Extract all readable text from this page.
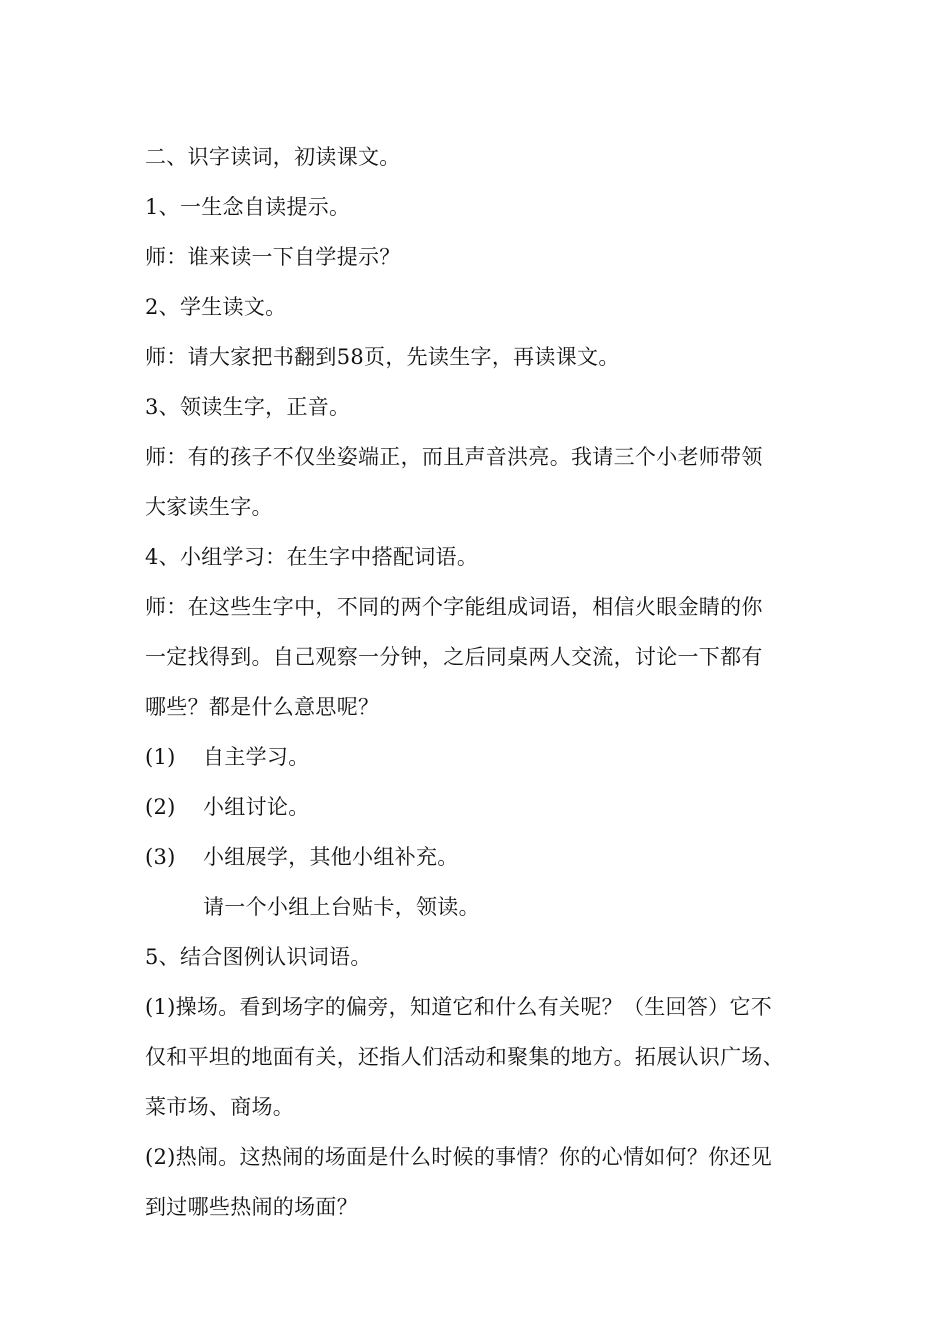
二、识字读词，初读课文。
1、一生念自读提示。
师：谁来读一下自学提示？
2、学生读文。
师：请大家把书翻到58页，先读生字，再读课文。
3、领读生字，正音。
师：有的孩子不仅坐姿端正，而且声音洪亮。我请三个小老师带领
大家读生字。
4、小组学习：在生字中搭配词语。
师：在这些生字中，不同的两个字能组成词语，相信火眼金睛的你
一定找得到。自己观察一分钟，之后同桌两人交流，讨论一下都有
哪些？都是什么意思呢？
(1) 自主学习。
(2) 小组讨论。
(3) 小组展学，其他小组补充。
请一个小组上台贴卡，领读。
5、结合图例认识词语。
(1)操场。看到场字的偏旁，知道它和什么有关呢？（生回答）它不
仅和平坦的地面有关，还指人们活动和聚集的地方。拓展认识广场、
菜市场、商场。
(2)热闹。这热闹的场面是什么时候的事情？你的心情如何？你还见
到过哪些热闹的场面？
